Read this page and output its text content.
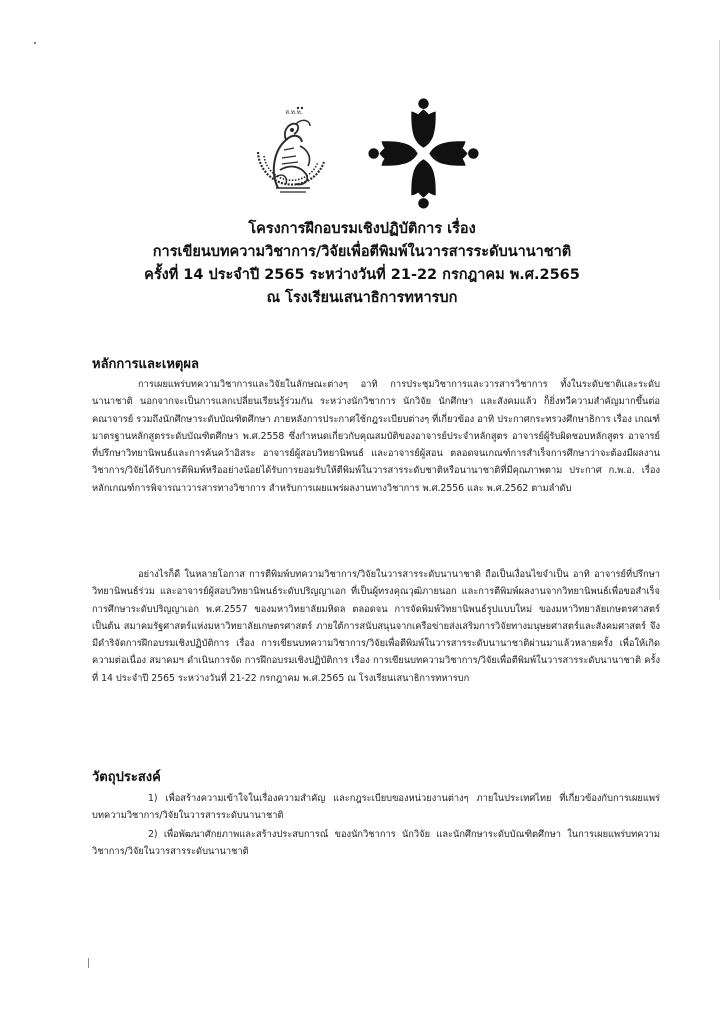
ส.ท.ท.
โครงการฝึกอบรมเชิงปฏิบัติการ เรื่อง
การเขียนบทความวิชาการ/วิจัยเพื่อตีพิมพ์ในวารสารระดับนานาชาติ
ครั้งที่ 14 ประจำปี 2565 ระหว่างวันที่ 21-22 กรกฎาคม พ.ศ.2565
ณ โรงเรียนเสนาธิการทหารบก
หลักการและเหตุผล
การเผยแพร่บทความวิชาการและวิจัยในลักษณะต่างๆ อาทิ การประชุมวิชาการและวารสารวิชาการ ทั้งในระดับชาติและระดับนานาชาติ นอกจากจะเป็นการแลกเปลี่ยนเรียนรู้ร่วมกัน ระหว่างนักวิชาการ นักวิจัย นักศึกษา และสังคมแล้ว ก็ยิ่งทวีความสำคัญมากขึ้นต่อคณาจารย์ รวมถึงนักศึกษาระดับบัณฑิตศึกษา ภายหลังการประกาศใช้กฎระเบียบต่างๆ ที่เกี่ยวข้อง อาทิ ประกาศกระทรวงศึกษาธิการ เรื่อง เกณฑ์มาตรฐานหลักสูตรระดับบัณฑิตศึกษา พ.ศ.2558 ซึ่งกำหนดเกี่ยวกับคุณสมบัติของอาจารย์ประจำหลักสูตร อาจารย์ผู้รับผิดชอบหลักสูตร อาจารย์ที่ปรึกษาวิทยานิพนธ์และการค้นคว้าอิสระ อาจารย์ผู้สอบวิทยานิพนธ์ และอาจารย์ผู้สอน ตลอดจนเกณฑ์การสำเร็จการศึกษาว่าจะต้องมีผลงานวิชาการ/วิจัยได้รับการตีพิมพ์หรืออย่างน้อยได้รับการยอมรับให้ตีพิมพ์ในวารสารระดับชาติหรือนานาชาติที่มีคุณภาพตาม ประกาศ ก.พ.อ. เรื่อง หลักเกณฑ์การพิจารณาวารสารทางวิชาการ สำหรับการเผยแพร่ผลงานทางวิชาการ พ.ศ.2556 และ พ.ศ.2562 ตามลำดับ
อย่างไรก็ดี ในหลายโอกาส การตีพิมพ์บทความวิชาการ/วิจัยในวารสารระดับนานาชาติ ถือเป็นเงื่อนไขจำเป็น อาทิ อาจารย์ที่ปรึกษาวิทยานิพนธ์ร่วม และอาจารย์ผู้สอบวิทยานิพนธ์ระดับปริญญาเอก ที่เป็นผู้ทรงคุณวุฒิภายนอก และการตีพิมพ์ผลงานจากวิทยานิพนธ์เพื่อขอสำเร็จการศึกษาระดับปริญญาเอก พ.ศ.2557 ของมหาวิทยาลัยมหิดล ตลอดจน การจัดพิมพ์วิทยานิพนธ์รูปแบบใหม่ ของมหาวิทยาลัยเกษตรศาสตร์ เป็นต้น สมาคมรัฐศาสตร์แห่งมหาวิทยาลัยเกษตรศาสตร์ ภายใต้การสนับสนุนจากเครือข่ายส่งเสริมการวิจัยทางมนุษยศาสตร์และสังคมศาสตร์ จึงมีดำริจัดการฝึกอบรมเชิงปฏิบัติการ เรื่อง การเขียนบทความวิชาการ/วิจัยเพื่อตีพิมพ์ในวารสารระดับนานาชาติผ่านมาแล้วหลายครั้ง เพื่อให้เกิดความต่อเนื่อง สมาคมฯ ดำเนินการจัด การฝึกอบรมเชิงปฏิบัติการ เรื่อง การเขียนบทความวิชาการ/วิจัยเพื่อตีพิมพ์ในวารสารระดับนานาชาติ ครั้งที่ 14 ประจำปี 2565 ระหว่างวันที่ 21-22 กรกฎาคม พ.ศ.2565 ณ โรงเรียนเสนาธิการทหารบก
วัตถุประสงค์
1) เพื่อสร้างความเข้าใจในเรื่องความสำคัญ และกฎระเบียบของหน่วยงานต่างๆ ภายในประเทศไทย ที่เกี่ยวข้องกับการเผยแพร่บทความวิชาการ/วิจัยในวารสารระดับนานาชาติ
2) เพื่อพัฒนาศักยภาพและสร้างประสบการณ์ ของนักวิชาการ นักวิจัย และนักศึกษาระดับบัณฑิตศึกษา ในการเผยแพร่บทความวิชาการ/วิจัยในวารสารระดับนานาชาติ
